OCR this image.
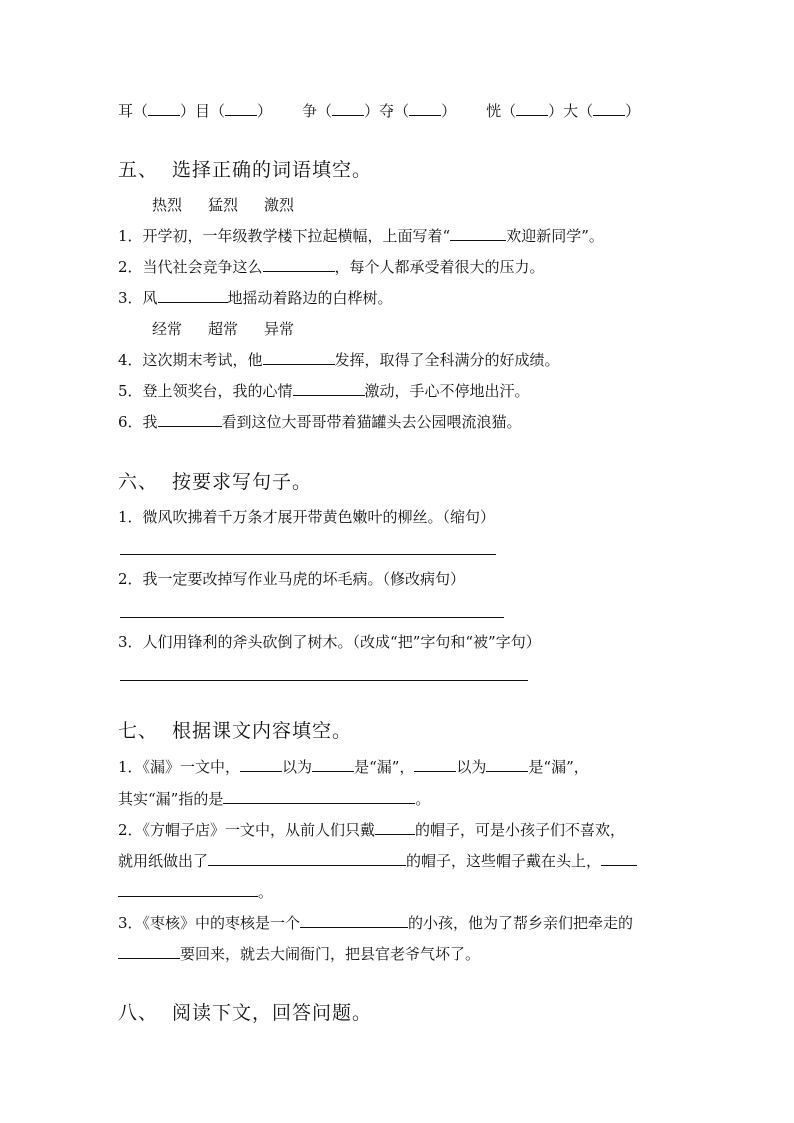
耳（ ）目（ ） 争（ ）夺（ ） 恍（ ）大（ ）
五、 选择正确的词语填空。
热烈 猛烈 激烈
1．开学初，一年级教学楼下拉起横幅，上面写着“	欢迎新同学”。
2．当代社会竞争这么	，每个人都承受着很大的压力。
3．风	地摇动着路边的白桦树。
经常 超常 异常
4．这次期末考试，他	发挥，取得了全科满分的好成绩。
5．登上领奖台，我的心情	激动，手心不停地出汗。
6．我	看到这位大哥哥带着猫罐头去公园喂流浪猫。
六、 按要求写句子。
1．微风吹拂着千万条才展开带黄色嫩叶的柳丝。（缩句）
2．我一定要改掉写作业马虎的坏毛病。（修改病句）
3．人们用锋利的斧头砍倒了树木。（改成“把”字句和“被”字句）
七、 根据课文内容填空。
1．《漏》一文中，	以为	是“漏”，	以为	是“漏”，
其实“漏”指的是	。
2．《方帽子店》一文中，从前人们只戴	的帽子，可是小孩子们不喜欢，
就用纸做出了	的帽子，这些帽子戴在头上，
。
3．《枣核》中的枣核是一个	的小孩，他为了帮乡亲们把牵走的
要回来，就去大闹衙门，把县官老爷气坏了。
八、 阅读下文，回答问题。
